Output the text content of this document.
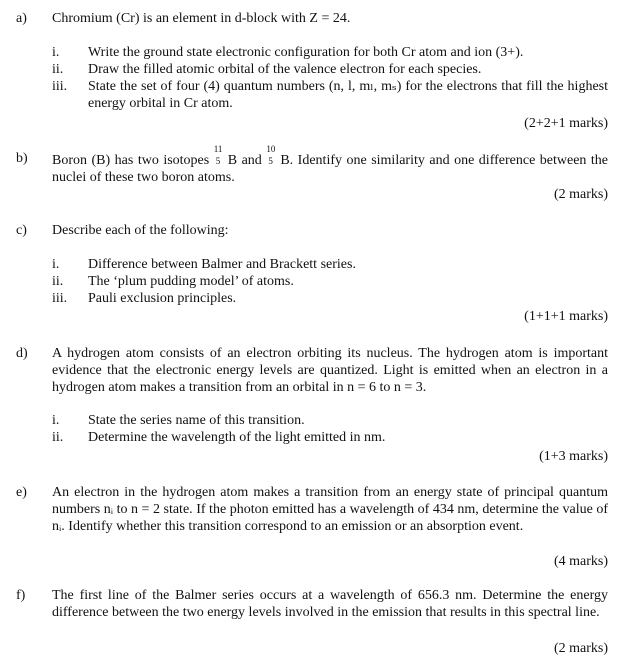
a)	Chromium (Cr) is an element in d-block with Z = 24.
i.	Write the ground state electronic configuration for both Cr atom and ion (3+).
ii.	Draw the filled atomic orbital of the valence electron for each species.
iii.	State the set of four (4) quantum numbers (n, l, mₗ, mₛ) for the electrons that fill the highest energy orbital in Cr atom.
(2+2+1 marks)
b)	Boron (B) has two isotopes
11
5 B and
10
5 B. Identify one similarity and one difference between the nuclei of these two boron atoms.
(2 marks)
c)	Describe each of the following:
i.	Difference between Balmer and Brackett series.
ii.	The ‘plum pudding model’ of atoms.
iii.	Pauli exclusion principles.
(1+1+1 marks)
d)	A hydrogen atom consists of an electron orbiting its nucleus. The hydrogen atom is important evidence that the electronic energy levels are quantized. Light is emitted when an electron in a hydrogen atom makes a transition from an orbital in n = 6 to n = 3.
i.	State the series name of this transition.
ii.	Determine the wavelength of the light emitted in nm.
(1+3 marks)
e)	An electron in the hydrogen atom makes a transition from an energy state of principal quantum numbers nᵢ to n = 2 state. If the photon emitted has a wavelength of 434 nm, determine the value of nᵢ. Identify whether this transition correspond to an emission or an absorption event.
(4 marks)
f)	The first line of the Balmer series occurs at a wavelength of 656.3 nm. Determine the energy difference between the two energy levels involved in the emission that results in this spectral line.
(2 marks)
